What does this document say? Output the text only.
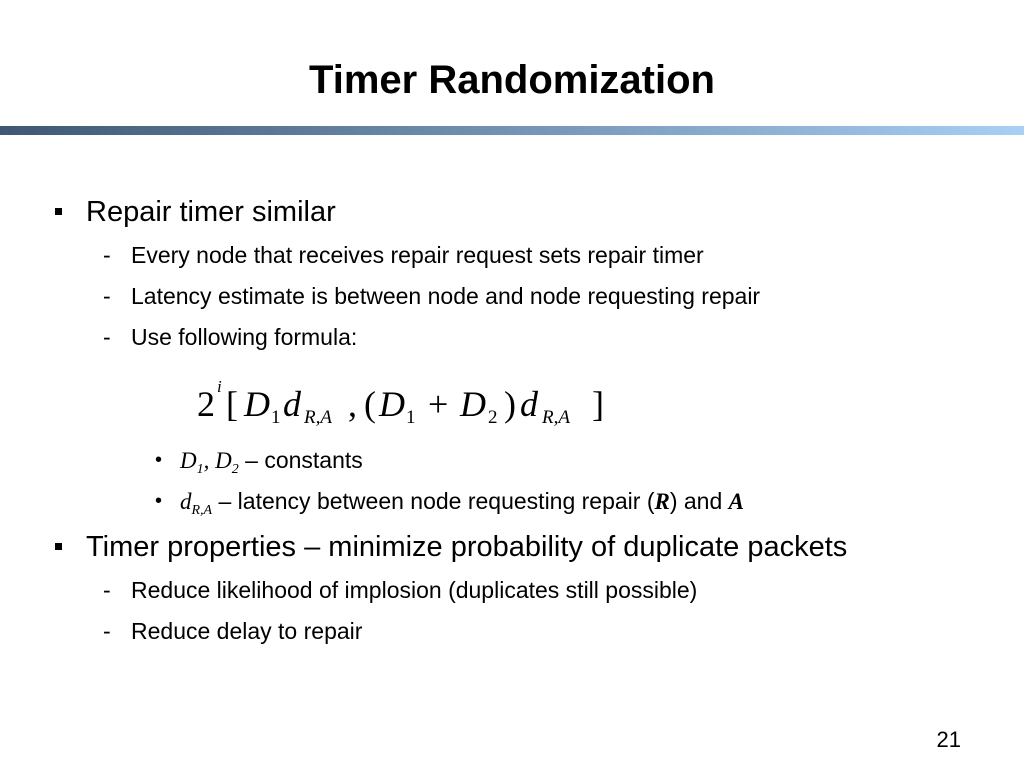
Timer Randomization
Repair timer similar
- Every node that receives repair request sets repair timer
- Latency estimate is between node and node requesting repair
- Use following formula:
2 i [ D 1 d R,A , ( D 1 + D 2 ) d R,A ]
• $D_1$, $D_2$ – constants
• $d_{R,A}$ – latency between node requesting repair (R) and A
Timer properties – minimize probability of duplicate packets
- Reduce likelihood of implosion (duplicates still possible)
- Reduce delay to repair
21
